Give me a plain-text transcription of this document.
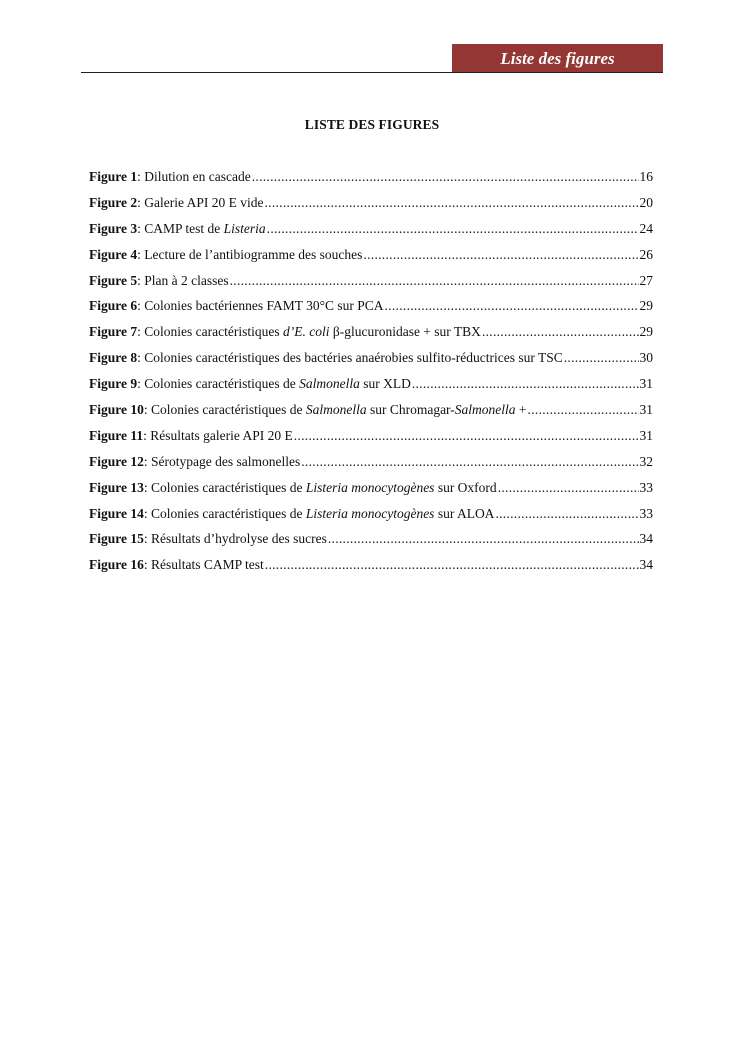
Liste des figures
LISTE DES FIGURES
Figure 1 : Dilution en cascade .....	16
Figure 2 : Galerie API 20 E vide .....	20
Figure 3 : CAMP test de Listeria .....	24
Figure 4 : Lecture de l’antibiogramme des souches .....	26
Figure 5 : Plan à 2 classes .....	27
Figure 6 : Colonies bactériennes FAMT 30°C sur PCA .....	29
Figure 7 : Colonies caractéristiques d’E. coli β-glucuronidase + sur TBX .....	29
Figure 8 : Colonies caractéristiques des bactéries anaérobies sulfito-réductrices sur TSC .....	30
Figure 9 : Colonies caractéristiques de Salmonella sur XLD .....	31
Figure 10 : Colonies caractéristiques de Salmonella sur Chromagar-Salmonella + .....	31
Figure 11 : Résultats galerie API 20 E .....	31
Figure 12 : Sérotypage des salmonelles .....	32
Figure 13 : Colonies caractéristiques de Listeria monocytogènes sur Oxford .....	33
Figure 14 : Colonies caractéristiques de Listeria monocytogènes sur ALOA .....	33
Figure 15 : Résultats d’hydrolyse des sucres .....	34
Figure 16 : Résultats CAMP test .....	34
